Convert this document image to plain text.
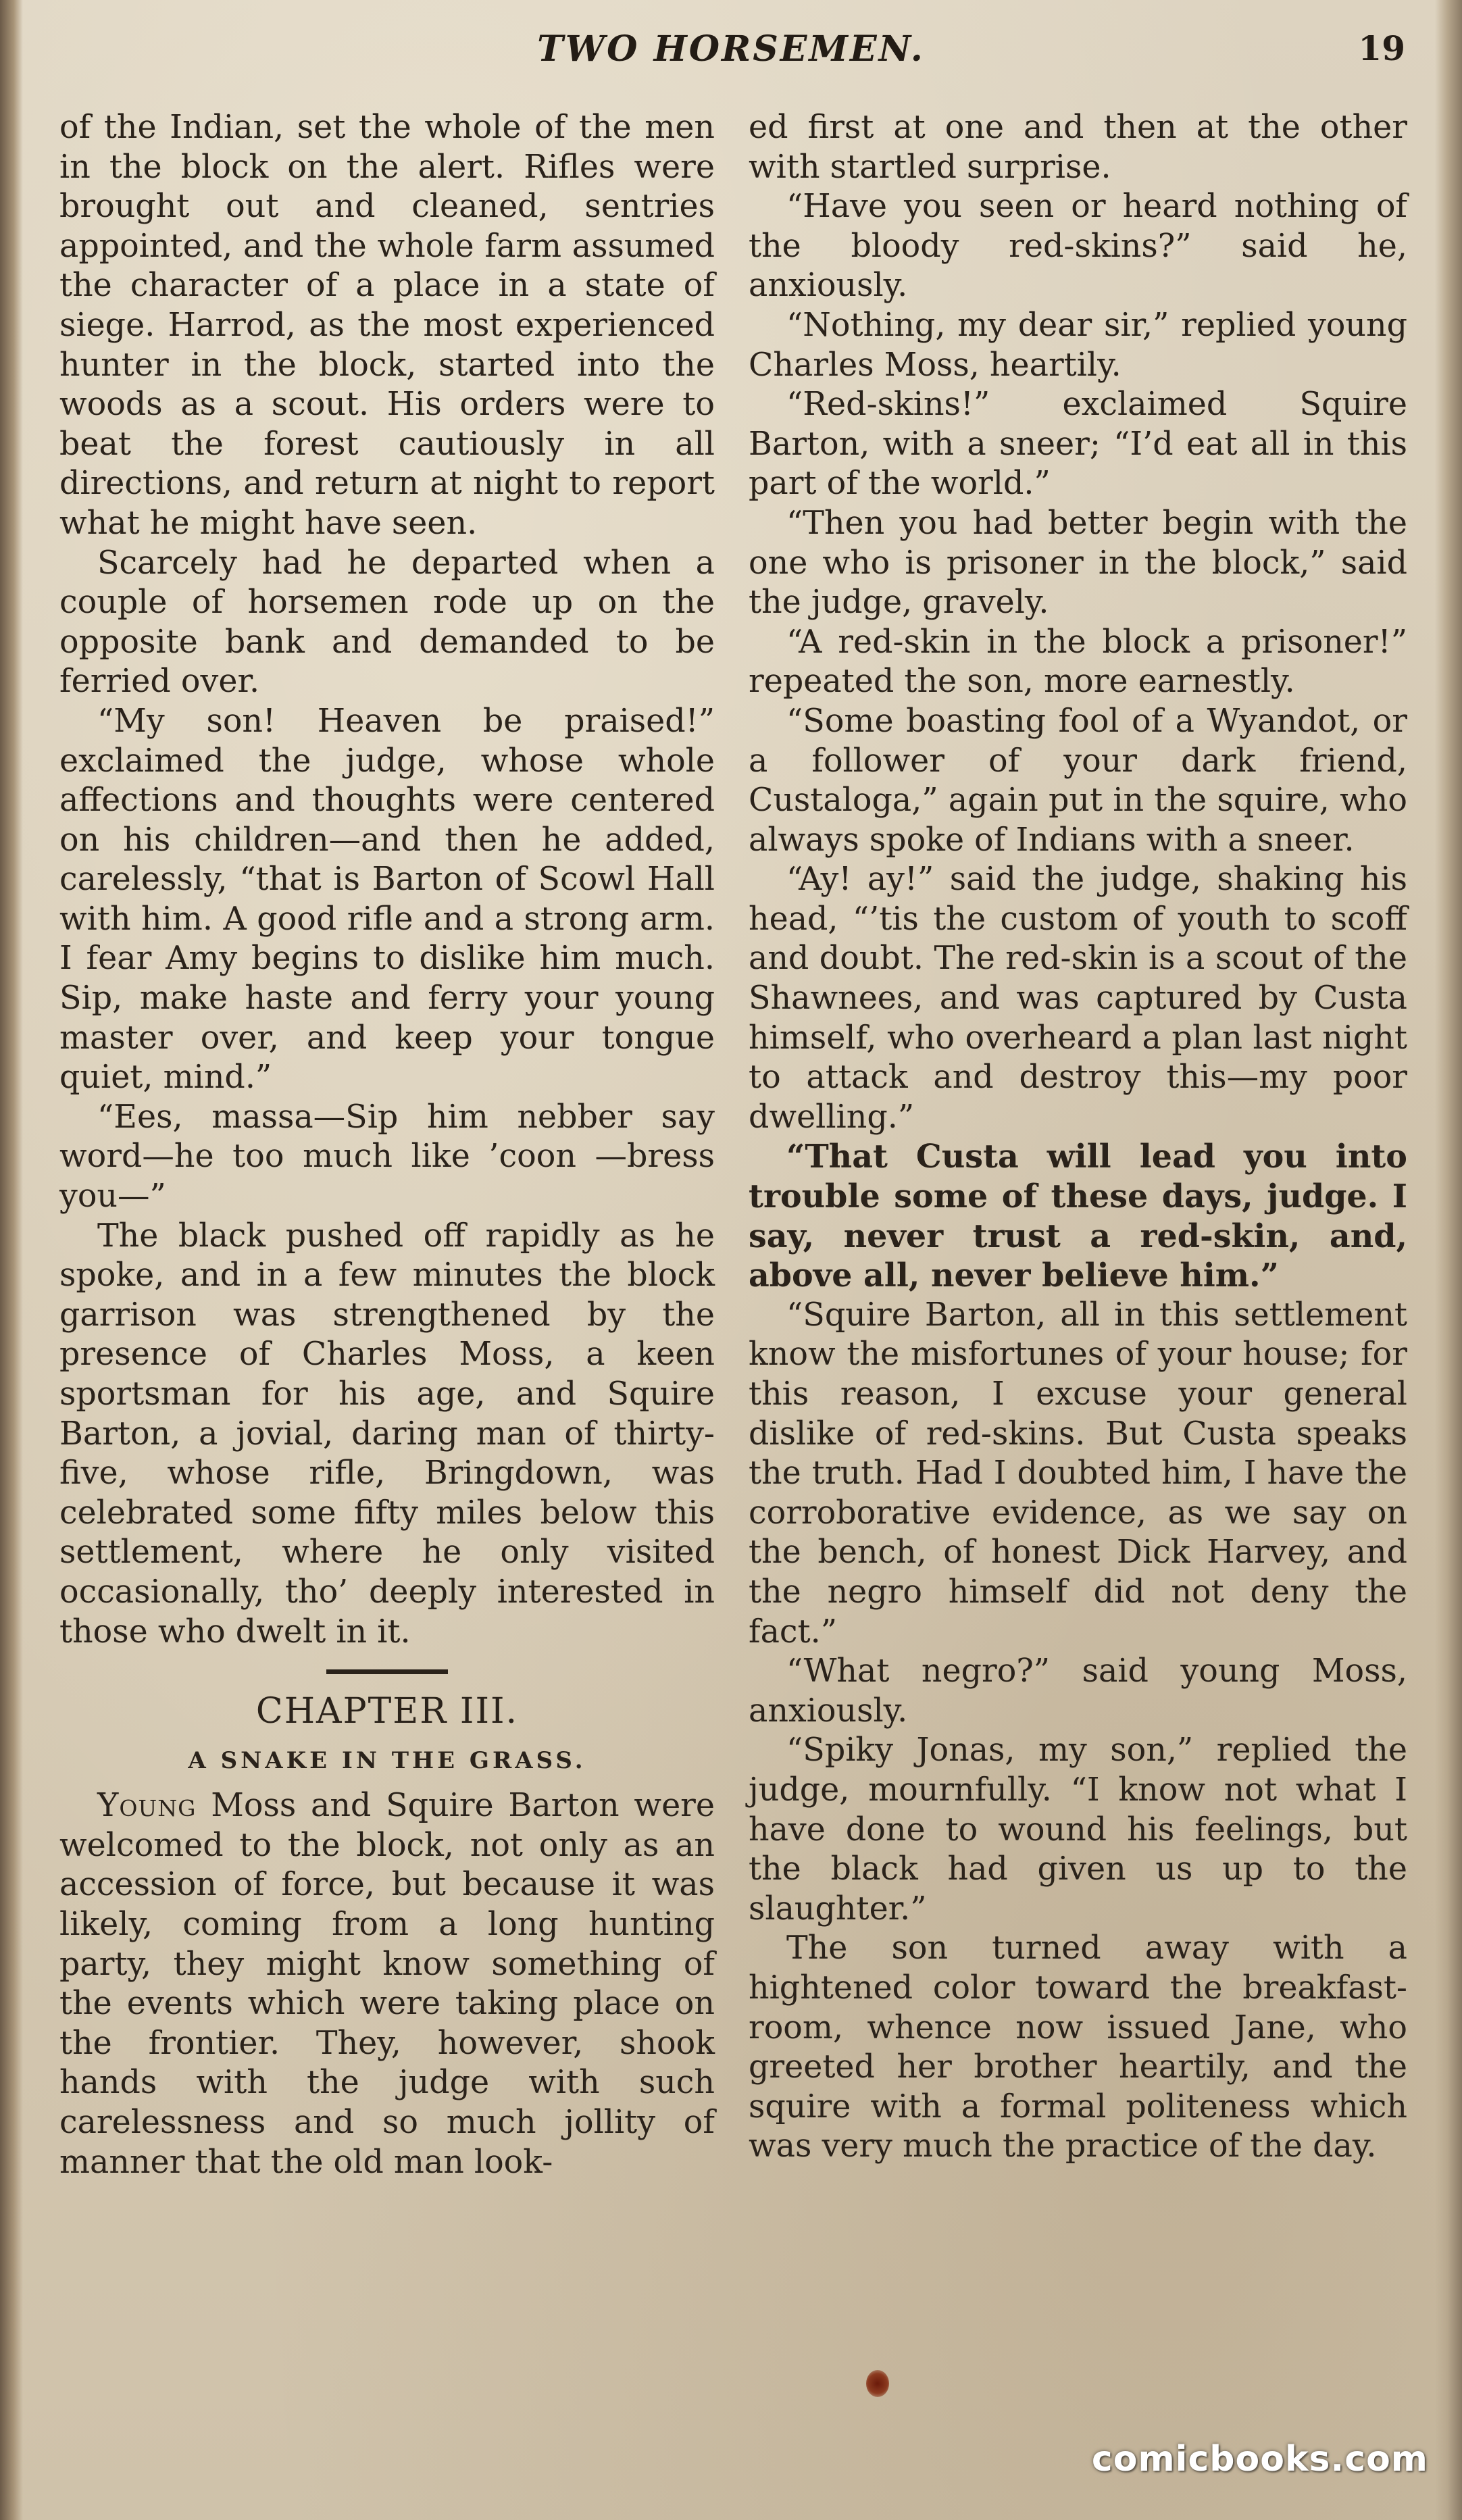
TWO HORSEMEN.	19

of the Indian, set the whole of the men in the block on the alert. Rifles were brought out and cleaned, sentries appointed, and the whole farm assumed the character of a place in a state of siege. Harrod, as the most experienced hunter in the block, started into the woods as a scout. His orders were to beat the forest cautiously in all directions, and return at night to report what he might have seen.

Scarcely had he departed when a couple of horsemen rode up on the opposite bank and demanded to be ferried over.

“My son! Heaven be praised!” exclaimed the judge, whose whole affections and thoughts were centered on his children—and then he added, carelessly, “that is Barton of Scowl Hall with him. A good rifle and a strong arm. I fear Amy begins to dislike him much. Sip, make haste and ferry your young master over, and keep your tongue quiet, mind.”

“Ees, massa—Sip him nebber say word—he too much like ’coon —bress you—”

The black pushed off rapidly as he spoke, and in a few minutes the block garrison was strengthened by the presence of Charles Moss, a keen sportsman for his age, and Squire Barton, a jovial, daring man of thirty-five, whose rifle, Bringdown, was celebrated some fifty miles below this settlement, where he only visited occasionally, tho’ deeply interested in those who dwelt in it.

CHAPTER III.
A SNAKE IN THE GRASS.

Young Moss and Squire Barton were welcomed to the block, not only as an accession of force, but because it was likely, coming from a long hunting party, they might know something of the events which were taking place on the frontier. They, however, shook hands with the judge with such carelessness and so much jollity of manner that the old man look-

ed first at one and then at the other with startled surprise.

“Have you seen or heard nothing of the bloody red-skins?” said he, anxiously.

“Nothing, my dear sir,” replied young Charles Moss, heartily.

“Red-skins!” exclaimed Squire Barton, with a sneer; “I’d eat all in this part of the world.”

“Then you had better begin with the one who is prisoner in the block,” said the judge, gravely.

“A red-skin in the block a prisoner!” repeated the son, more earnestly.

“Some boasting fool of a Wyandot, or a follower of your dark friend, Custaloga,” again put in the squire, who always spoke of Indians with a sneer.

“Ay! ay!” said the judge, shaking his head, “’tis the custom of youth to scoff and doubt. The red-skin is a scout of the Shawnees, and was captured by Custa himself, who overheard a plan last night to attack and destroy this—my poor dwelling.”

“That Custa will lead you into trouble some of these days, judge. I say, never trust a red-skin, and, above all, never believe him.”

“Squire Barton, all in this settlement know the misfortunes of your house; for this reason, I excuse your general dislike of red-skins. But Custa speaks the truth. Had I doubted him, I have the corroborative evidence, as we say on the bench, of honest Dick Harvey, and the negro himself did not deny the fact.”

“What negro?” said young Moss, anxiously.

“Spiky Jonas, my son,” replied the judge, mournfully. “I know not what I have done to wound his feelings, but the black had given us up to the slaughter.”

The son turned away with a hightened color toward the breakfast-room, whence now issued Jane, who greeted her brother heartily, and the squire with a formal politeness which was very much the practice of the day.

comicbooks.com
